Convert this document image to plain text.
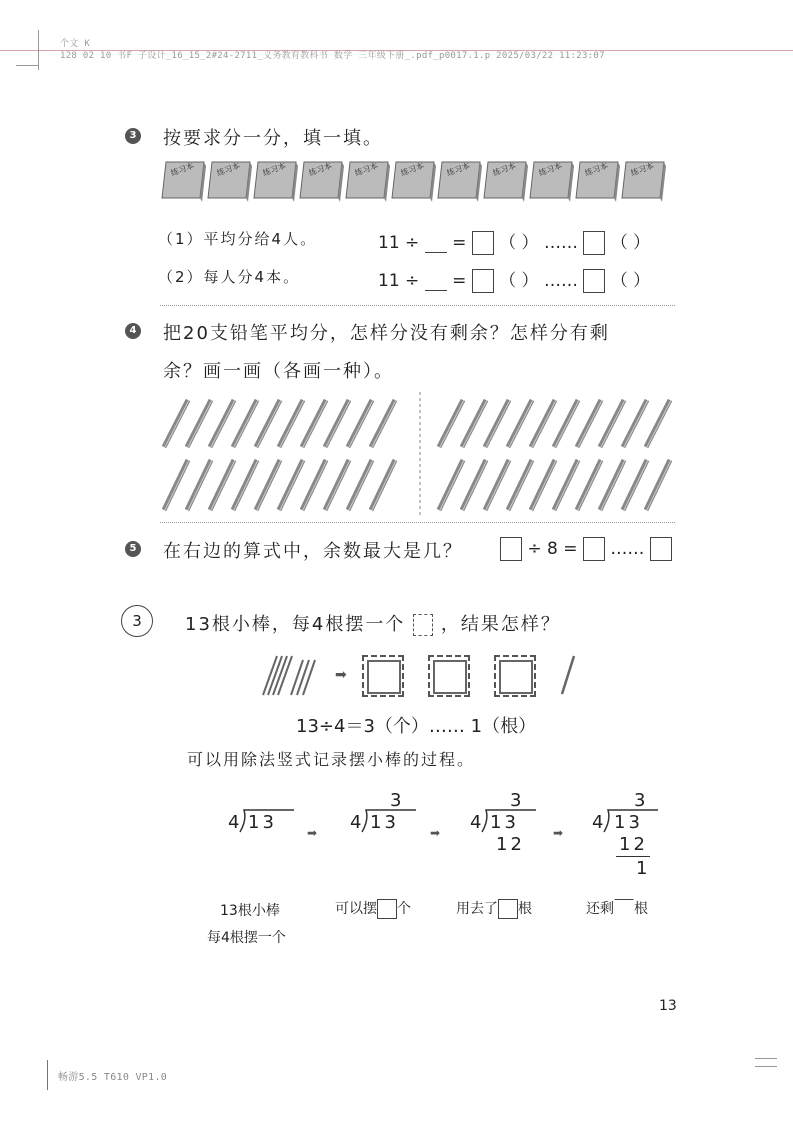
个文 K
128 02 10 书F 子设计_16_15_2#24-2711_义务教育教科书 数学 三年级下册_.pdf_p0017.1.p 2025/03/22 11:23:07
3 按要求分一分，填一填。
练习本	练习本	练习本	练习本	练习本	练习本	练习本	练习本	练习本	练习本	练习本
（1）平均分给4人。	11 ÷ = （ ） …… （ ）
（2）每人分4本。	11 ÷ = （ ） …… （ ）
4 把20支铅笔平均分，怎样分没有剩余？怎样分有剩
余？画一画（各画一种）。
5 在右边的算式中，余数最大是几？	÷ 8 = ……
3	13根小棒，每4根摆一个 ，结果怎样？
➡
13÷4＝3（个）…… 1（根）
可以用除法竖式记录摆小棒的过程。
4 13	➡
3
4 13	➡
3
4 13
12
➡
3
4 13
12
1
13根小棒
每4根摆一个
可以摆 个	用去了 根	还剩 根
13
畅游5.5 T610 VP1.0
